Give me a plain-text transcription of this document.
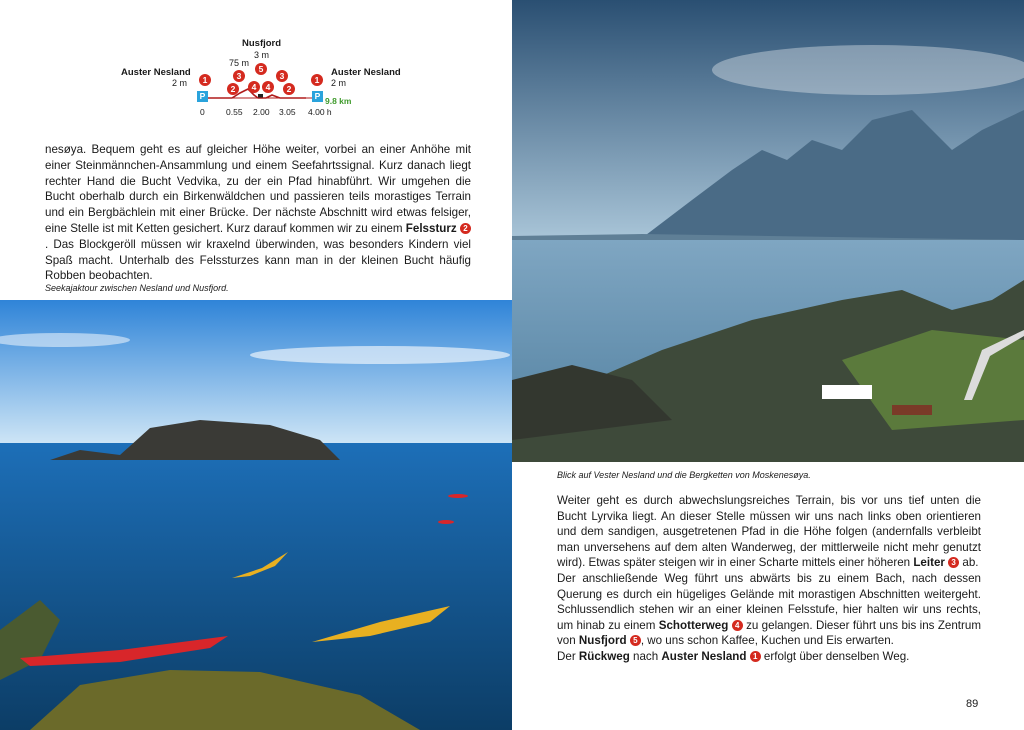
Nusfjord
3 m
75 m
Auster Nesland
2 m
Auster Nesland
2 m
1	3
5
3	1
2	4	4	2
P	P 9.8 km
0	0.55 2.00 3.05 4.00 h

nesøya. Bequem geht es auf gleicher Höhe weiter, vorbei an einer Anhöhe mit einer Steinmännchen-Ansammlung und einem Seefahrtssignal. Kurz danach liegt rechter Hand die Bucht Vedvika, zu der ein Pfad hinabführt. Wir umgehen die Bucht oberhalb durch ein Birkenwäldchen und passieren teils morastiges Terrain und ein Bergbächlein mit einer Brücke. Der nächste Abschnitt wird etwas felsiger, eine Stelle ist mit Ketten gesichert. Kurz darauf kommen wir zu einem Felssturz 2. Das Blockgeröll müssen wir kraxelnd überwinden, was besonders Kindern viel Spaß macht. Unterhalb des Felssturzes kann man in der kleinen Bucht häufig Robben beobachten.

Seekajaktour zwischen Nesland und Nusfjord.
Blick auf Vester Nesland und die Bergketten von Moskenesøya.

Weiter geht es durch abwechslungsreiches Terrain, bis vor uns tief unten die Bucht Lyrvika liegt. An dieser Stelle müssen wir uns nach links oben orientieren und dem sandigen, ausgetretenen Pfad in die Höhe folgen (andernfalls verbleibt man unversehens auf dem alten Wanderweg, der mittlerweile nicht mehr genutzt wird). Etwas später steigen wir in einer Scharte mittels einer höheren Leiter 3 ab.

Der anschließende Weg führt uns abwärts bis zu einem Bach, nach dessen Querung es durch ein hügeliges Gelände mit morastigen Abschnitten weitergeht. Schlussendlich stehen wir an einer kleinen Felsstufe, hier halten wir uns rechts, um hinab zu einem Schotterweg 4 zu gelangen. Dieser führt uns bis ins Zentrum von Nusfjord 5 , wo uns schon Kaffee, Kuchen und Eis erwarten.

Der Rückweg nach Auster Nesland 1 erfolgt über denselben Weg.

89
